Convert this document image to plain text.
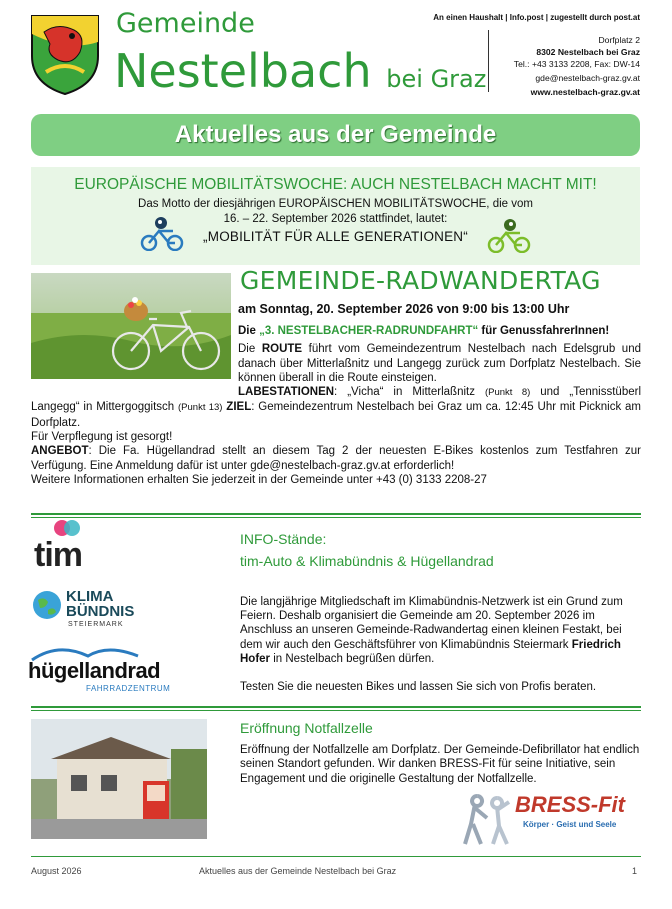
Gemeinde
Nestelbach bei Graz
An einen Haushalt | Info.post | zugestellt durch post.at
Dorfplatz 2
8302 Nestelbach bei Graz
Tel.: +43 3133 2208, Fax: DW-14
gde@nestelbach-graz.gv.at
www.nestelbach-graz.gv.at
Aktuelles aus der Gemeinde
EUROPÄISCHE MOBILITÄTSWOCHE: AUCH NESTELBACH MACHT MIT!
Das Motto der diesjährigen EUROPÄISCHEN MOBILITÄTSWOCHE, die vom
16. – 22. September 2026 stattfindet, lautet:
„MOBILITÄT FÜR ALLE GENERATIONEN“
GEMEINDE-RADWANDERTAG
am Sonntag, 20. September 2026 von 9:00 bis 13:00 Uhr

Die „3. NESTELBACHER-RADRUNDFAHRT“ für GenussfahrerInnen!

Die ROUTE führt vom Gemeindezentrum Nestelbach nach Edelsgrub und danach über Mitterlaßnitz und Langegg zurück zum Dorfplatz Nestelbach. Sie können überall in die Route einsteigen.

LABESTATIONEN: „Vicha“ in Mitterlaßnitz (Punkt 8) und „Tennisstüberl Langegg“ in Mittergoggitsch (Punkt 13) ZIEL: Gemeindezentrum Nestelbach bei Graz um ca. 12:45 Uhr mit Picknick am Dorfplatz.

Für Verpflegung ist gesorgt!

ANGEBOT: Die Fa. Hügellandrad stellt an diesem Tag 2 der neuesten E-Bikes kostenlos zum Testfahren zur Verfügung. Eine Anmeldung dafür ist unter gde@nestelbach-graz.gv.at erforderlich!

Weitere Informationen erhalten Sie jederzeit in der Gemeinde unter +43 (0) 3133 2208-27

tim
KLIMA
BÜNDNIS
STEIERMARK
hügellandrad
FAHRRADZENTRUM
INFO-Stände:
tim-Auto & Klimabündnis & Hügellandrad

Die langjährige Mitgliedschaft im Klimabündnis-Netzwerk ist ein Grund zum Feiern. Deshalb organisiert die Gemeinde am 20. September 2026 im Anschluss an unseren Gemeinde-Radwandertag einen kleinen Festakt, bei dem wir auch den Geschäftsführer von Klimabündnis Steiermark Friedrich Hofer in Nestelbach begrüßen dürfen.

Testen Sie die neuesten Bikes und lassen Sie sich von Profis beraten.

Eröffnung Notfallzelle
Eröffnung der Notfallzelle am Dorfplatz. Der Gemeinde-Defibrillator hat endlich seinen Standort gefunden. Wir danken BRESS-Fit für seine Initiative, sein Engagement und die originelle Gestaltung der Notfallzelle.
BRESS-Fit
Körper · Geist und Seele
August 2026	Aktuelles aus der Gemeinde Nestelbach bei Graz	1
